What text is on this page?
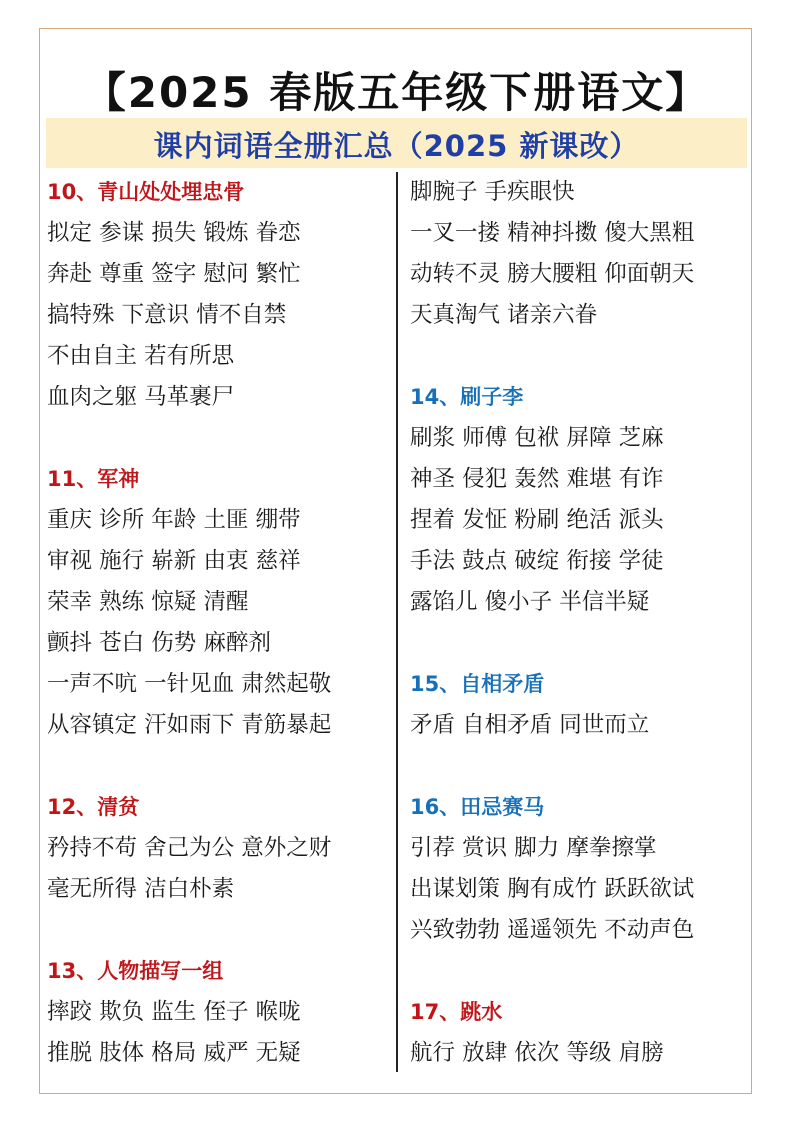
【2025 春版五年级下册语文】
课内词语全册汇总（2025 新课改）
10、青山处处埋忠骨
拟定 参谋 损失 锻炼 眷恋
奔赴 尊重 签字 慰问 繁忙
搞特殊 下意识 情不自禁
不由自主 若有所思
血肉之躯 马革裹尸
11、军神
重庆 诊所 年龄 土匪 绷带
审视 施行 崭新 由衷 慈祥
荣幸 熟练 惊疑 清醒
颤抖 苍白 伤势 麻醉剂
一声不吭 一针见血 肃然起敬
从容镇定 汗如雨下 青筋暴起
12、清贫
矜持不苟 舍己为公 意外之财
毫无所得 洁白朴素
13、人物描写一组
摔跤 欺负 监生 侄子 喉咙
推脱 肢体 格局 威严 无疑
脚腕子 手疾眼快
一叉一搂 精神抖擞 傻大黑粗
动转不灵 膀大腰粗 仰面朝天
天真淘气 诸亲六眷
14、刷子李
刷浆 师傅 包袱 屏障 芝麻
神圣 侵犯 轰然 难堪 有诈
捏着 发怔 粉刷 绝活 派头
手法 鼓点 破绽 衔接 学徒
露馅儿 傻小子 半信半疑
15、自相矛盾
矛盾 自相矛盾 同世而立
16、田忌赛马
引荐 赏识 脚力 摩拳擦掌
出谋划策 胸有成竹 跃跃欲试
兴致勃勃 遥遥领先 不动声色
17、跳水
航行 放肆 依次 等级 肩膀
